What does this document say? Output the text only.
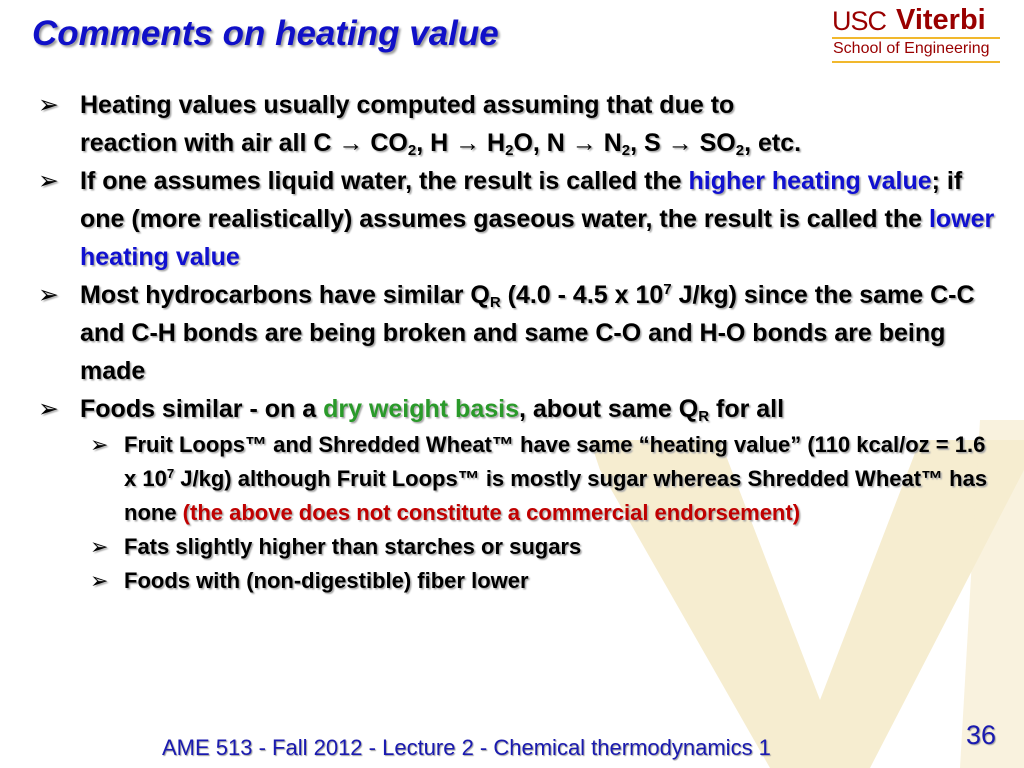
Comments on heating value	USC Viterbi
School of Engineering
➢ Heating values usually computed assuming that due to
reaction with air all $C \to CO_2$, $H \to H_2O$, $N \to N_2$, $S \to SO_2$, etc.
➢ If one assumes liquid water, the result is called the higher heating value; if one (more realistically) assumes gaseous water, the result is called the lower heating value
➢ Most hydrocarbons have similar $Q_R$ (4.0 - 4.5 x $10^7$ J/kg) since the same C-C and C-H bonds are being broken and same C-O and H-O bonds are being made
➢ Foods similar - on a dry weight basis, about same $Q_R$ for all
➢ Fruit Loops™ and Shredded Wheat™ have same “heating value” (110 kcal/oz = 1.6 x $10^7$ J/kg) although Fruit Loops™ is mostly sugar whereas Shredded Wheat™ has none (the above does not constitute a commercial endorsement)
➢ Fats slightly higher than starches or sugars
➢ Foods with (non-digestible) fiber lower
AME 513 - Fall 2012 - Lecture 2 - Chemical thermodynamics 1	36
